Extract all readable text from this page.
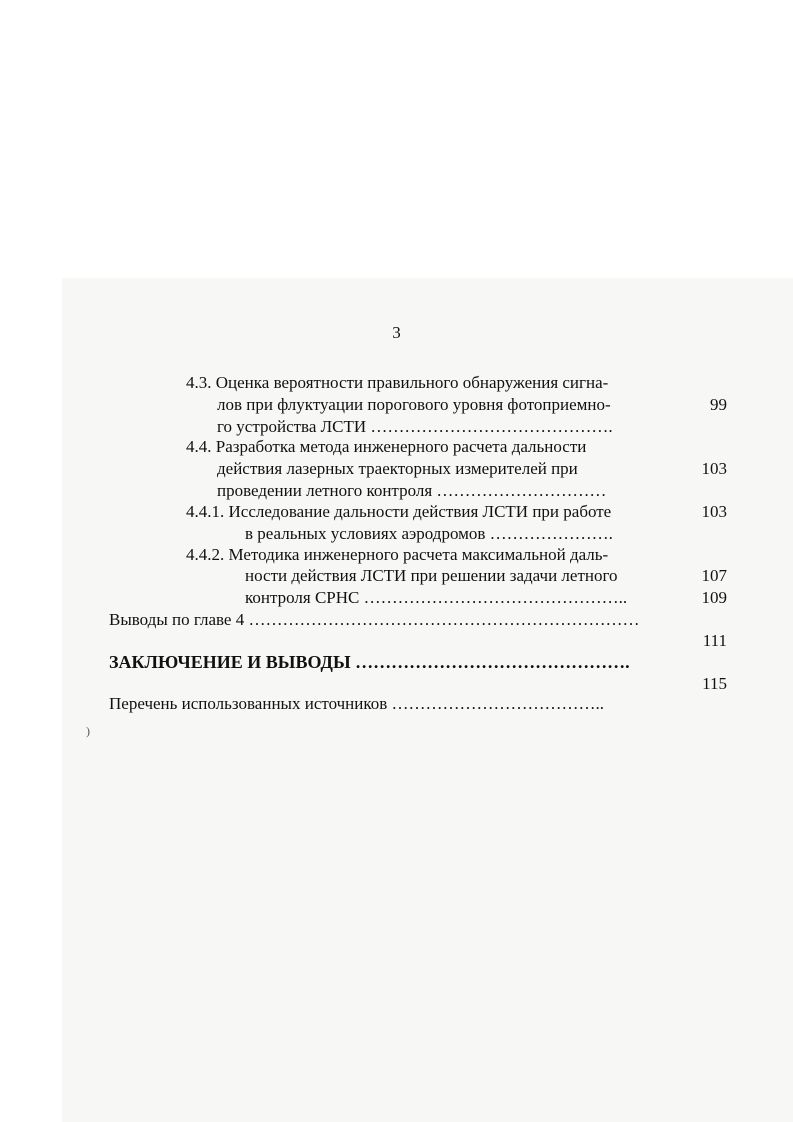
)
3
4.3. Оценка вероятности правильного обнаружения сигна-
лов при флуктуации порогового уровня фотоприемно-
го устройства ЛСТИ …………………………………….
99
4.4. Разработка метода инженерного расчета дальности
действия лазерных траекторных измерителей при
проведении летного контроля …………………………
103
4.4.1. Исследование дальности действия ЛСТИ при работе
в реальных условиях аэродромов ………………….
103
4.4.2. Методика инженерного расчета максимальной даль-
ности действия ЛСТИ при решении задачи летного
контроля СРНС ………………………………………..
107
109
Выводы по главе 4 ……………………………………………………………
111
ЗАКЛЮЧЕНИЕ И ВЫВОДЫ ……………………………………….
115
Перечень использованных источников ………………………………..
